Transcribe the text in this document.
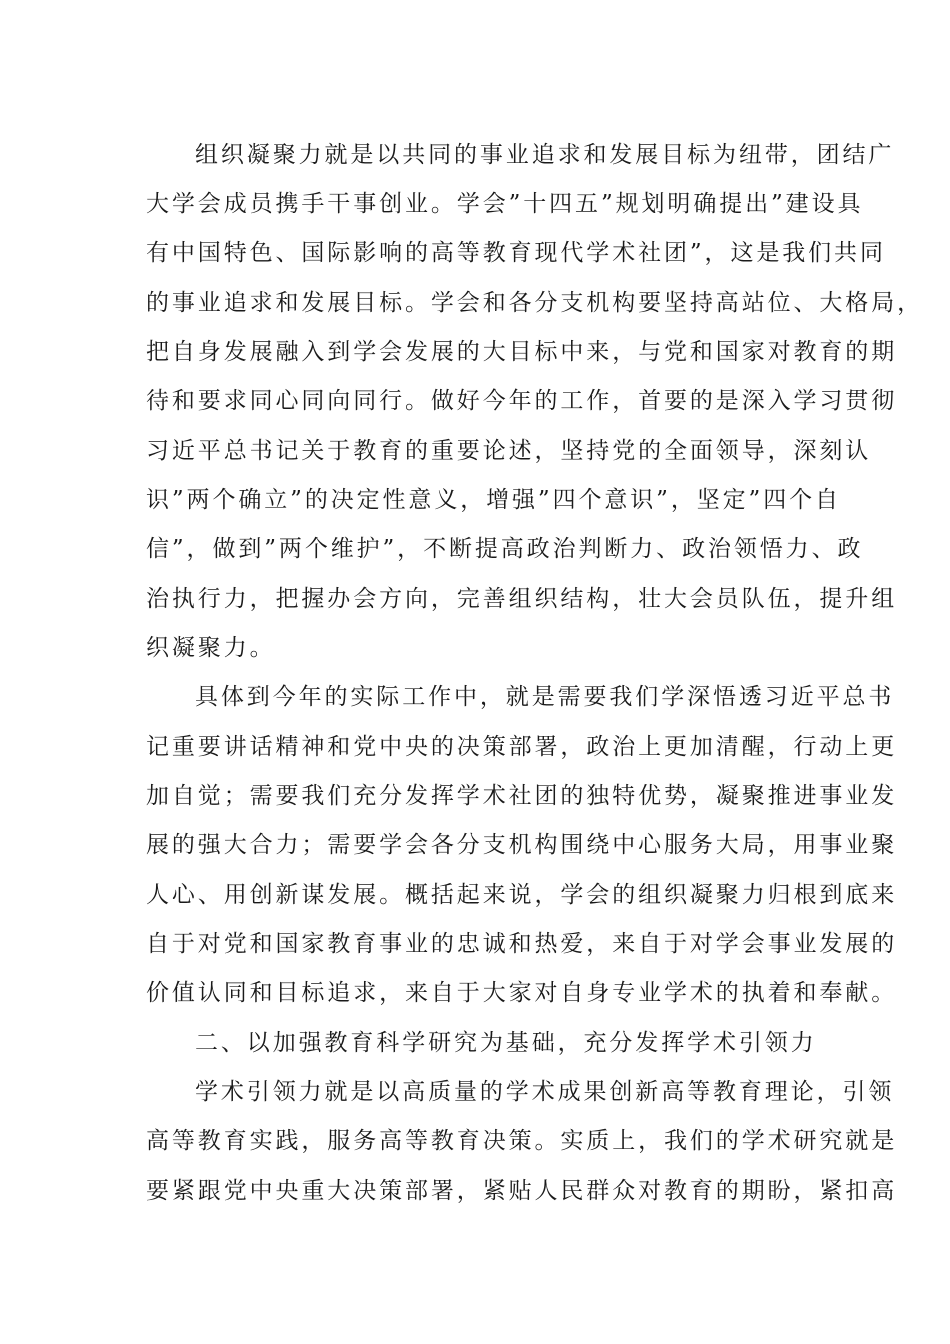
组织凝聚力就是以共同的事业追求和发展目标为纽带，团结广
大学会成员携手干事创业。学会”十四五”规划明确提出”建设具
有中国特色、国际影响的高等教育现代学术社团”，这是我们共同
的事业追求和发展目标。学会和各分支机构要坚持高站位、大格局，
把自身发展融入到学会发展的大目标中来，与党和国家对教育的期
待和要求同心同向同行。做好今年的工作，首要的是深入学习贯彻
习近平总书记关于教育的重要论述，坚持党的全面领导，深刻认
识”两个确立”的决定性意义，增强”四个意识”，坚定”四个自
信”，做到”两个维护”，不断提高政治判断力、政治领悟力、政
治执行力，把握办会方向，完善组织结构，壮大会员队伍，提升组
织凝聚力。
具体到今年的实际工作中，就是需要我们学深悟透习近平总书
记重要讲话精神和党中央的决策部署，政治上更加清醒，行动上更
加自觉；需要我们充分发挥学术社团的独特优势，凝聚推进事业发
展的强大合力；需要学会各分支机构围绕中心服务大局，用事业聚
人心、用创新谋发展。概括起来说，学会的组织凝聚力归根到底来
自于对党和国家教育事业的忠诚和热爱，来自于对学会事业发展的
价值认同和目标追求，来自于大家对自身专业学术的执着和奉献。
二、以加强教育科学研究为基础，充分发挥学术引领力
学术引领力就是以高质量的学术成果创新高等教育理论，引领
高等教育实践，服务高等教育决策。实质上，我们的学术研究就是
要紧跟党中央重大决策部署，紧贴人民群众对教育的期盼，紧扣高
